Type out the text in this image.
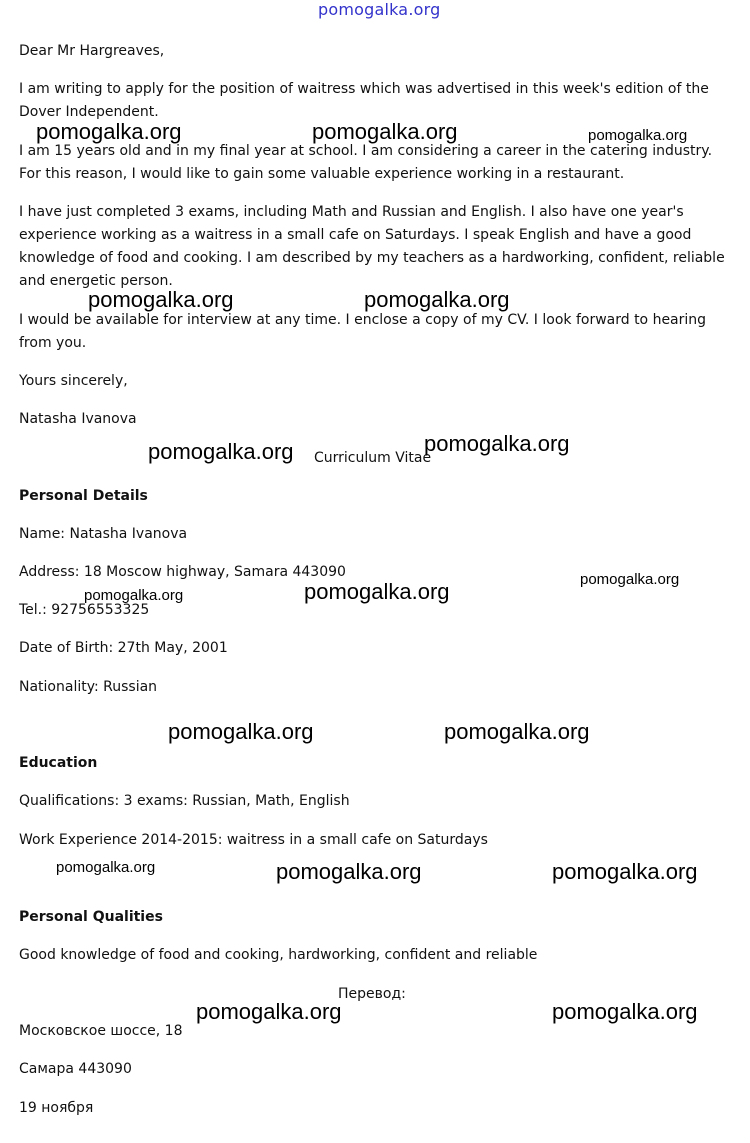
pomogalka.org

Dear Mr Hargreaves,

I am writing to apply for the position of waitress which was advertised in this week's edition of the Dover Independent.

I am 15 years old and in my final year at school. I am considering a career in the catering industry. For this reason, I would like to gain some valuable experience working in a restaurant.

I have just completed 3 exams, including Math and Russian and English. I also have one year's experience working as a waitress in a small cafe on Saturdays. I speak English and have a good knowledge of food and cooking. I am described by my teachers as a hardworking, confident, reliable and energetic person.

I would be available for interview at any time. I enclose a copy of my CV. I look forward to hearing from you.

Yours sincerely,

Natasha Ivanova

Curriculum Vitae

Personal Details

Name: Natasha Ivanova

Address: 18 Moscow highway, Samara 443090

Tel.: 92756553325

Date of Birth: 27th May, 2001

Nationality: Russian

Education

Qualifications: 3 exams: Russian, Math, English

Work Experience 2014-2015: waitress in a small cafe on Saturdays

Personal Qualities

Good knowledge of food and cooking, hardworking, confident and reliable

Перевод:

Московское шоссе, 18

Самара 443090

19 ноября

pomogalka.org	pomogalka.org	pomogalka.org
pomogalka.org	pomogalka.org
pomogalka.org	pomogalka.org
pomogalka.org
pomogalka.org	pomogalka.org
pomogalka.org	pomogalka.org
pomogalka.org	pomogalka.org	pomogalka.org
pomogalka.org	pomogalka.org
